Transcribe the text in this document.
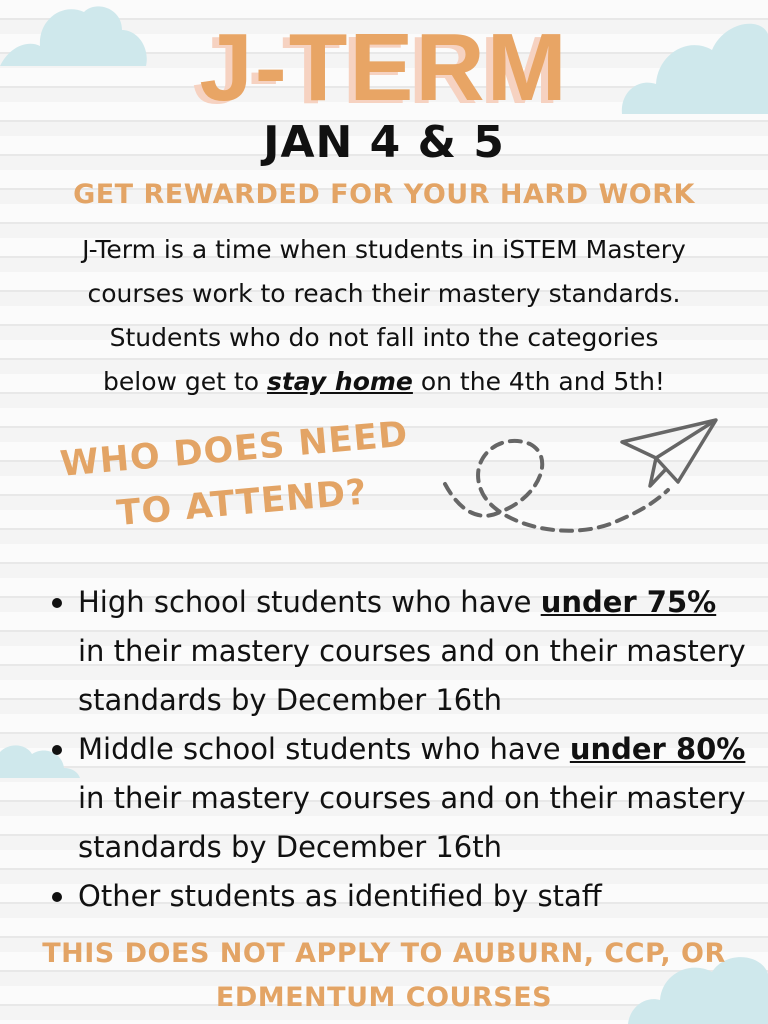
J-TERM
JAN 4 & 5
GET REWARDED FOR YOUR HARD WORK
J-Term is a time when students in iSTEM Mastery
courses work to reach their mastery standards.
Students who do not fall into the categories
below get to stay home on the 4th and 5th!
WHO DOES NEED
TO ATTEND?
High school students who have under 75% in their mastery courses and on their mastery standards by December 16th
Middle school students who have under 80% in their mastery courses and on their mastery standards by December 16th
Other students as identified by staff
THIS DOES NOT APPLY TO AUBURN, CCP, OR
EDMENTUM COURSES
